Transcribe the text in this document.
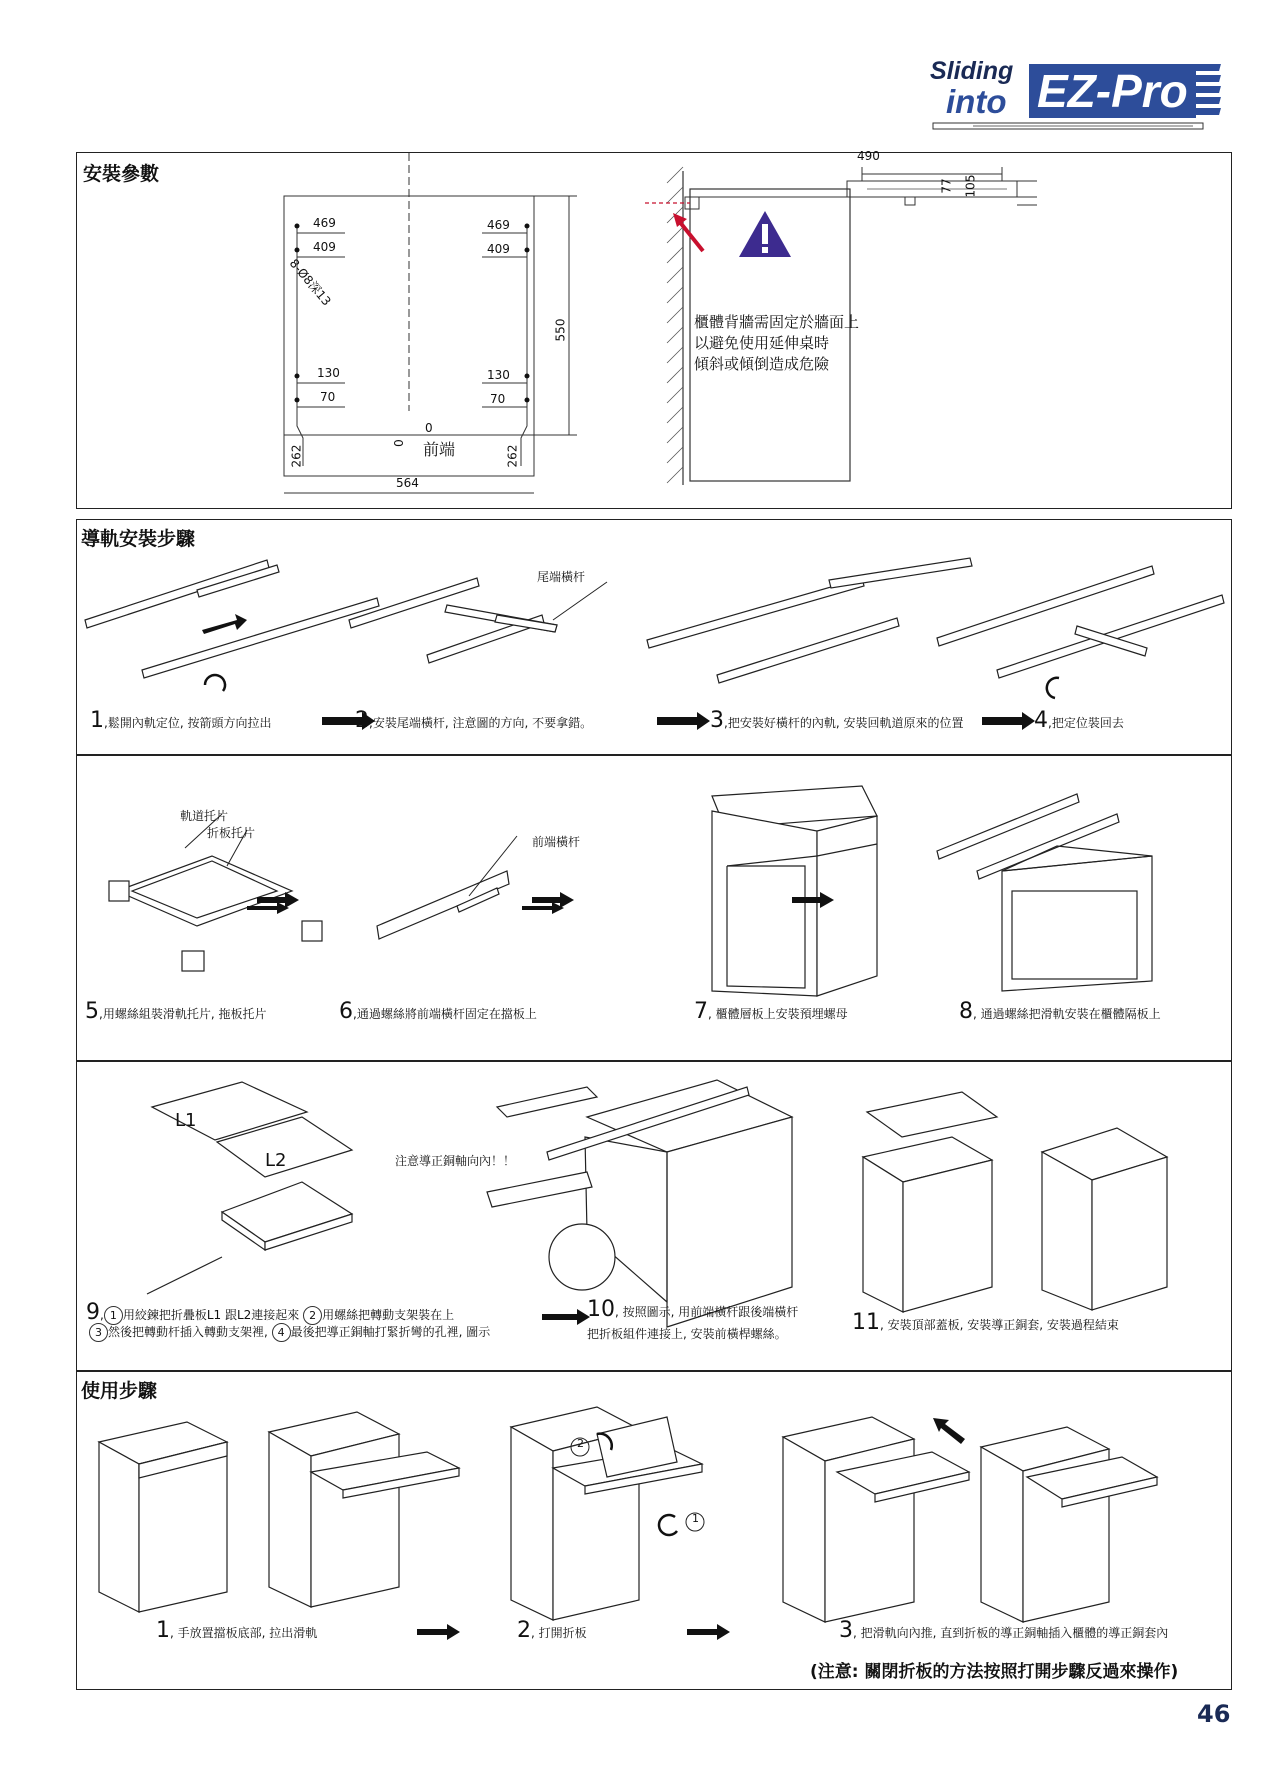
Sliding
into EZ-Pro
安裝參數
469
409
8-Ø8深13
469
409
550
130
70
130
70
0
0 前端
262	262
564
490
77 105
櫃體背牆需固定於牆面上
以避免使用延伸桌時
傾斜或傾倒造成危險
導軌安裝步驟
尾端橫杆
1,鬆開內軌定位, 按箭頭方向拉出	2,安裝尾端橫杆, 注意圖的方向, 不要拿錯。	3,把安裝好橫杆的內軌, 安裝回軌道原來的位置	4,把定位裝回去
軌道托片
折板托片
前端橫杆
5,用螺絲組裝滑軌托片, 拖板托片	6,通過螺絲將前端橫杆固定在擋板上	7, 櫃體層板上安裝預埋螺母	8, 通過螺絲把滑軌安裝在櫃體隔板上
L1
L2	注意導正銅軸向內！！
9, 1 用絞鍊把折疊板L1 跟L2連接起來 2 用螺絲把轉動支架裝在上
3 然後把轉動杆插入轉動支架裡, 4 最後把導正銅軸打緊折彎的孔裡, 圖示
10, 按照圖示, 用前端橫杆跟後端橫杆
把折板組件連接上, 安裝前橫桿螺絲。	11, 安裝頂部蓋板, 安裝導正銅套, 安裝過程結束
使用步驟
2
1
1, 手放置擋板底部, 拉出滑軌	2, 打開折板	3, 把滑軌向內推, 直到折板的導正銅軸插入櫃體的導正銅套內
(注意: 關閉折板的方法按照打開步驟反過來操作)
46
